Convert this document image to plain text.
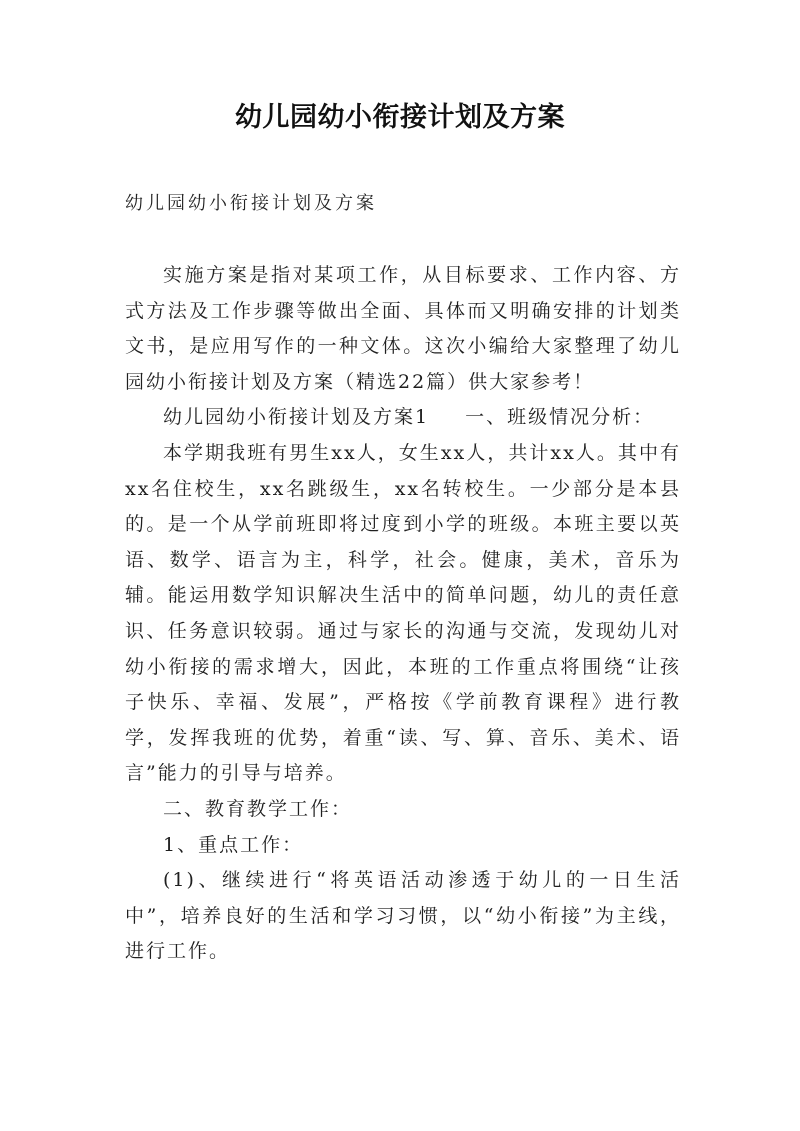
幼儿园幼小衔接计划及方案
幼儿园幼小衔接计划及方案

实施方案是指对某项工作，从目标要求、工作内容、方式方法及工作步骤等做出全面、具体而又明确安排的计划类文书，是应用写作的一种文体。这次小编给大家整理了幼儿园幼小衔接计划及方案（精选22篇）供大家参考！

幼儿园幼小衔接计划及方案1 一、班级情况分析：

本学期我班有男生xx人，女生xx人，共计xx人。其中有xx名住校生，xx名跳级生，xx名转校生。一少部分是本县的。是一个从学前班即将过度到小学的班级。本班主要以英语、数学、语言为主，科学，社会。健康，美术，音乐为辅。能运用数学知识解决生活中的简单问题，幼儿的责任意识、任务意识较弱。通过与家长的沟通与交流，发现幼儿对幼小衔接的需求增大，因此，本班的工作重点将围绕“让孩子快乐、幸福、发展”，严格按《学前教育课程》进行教学，发挥我班的优势，着重“读、写、算、音乐、美术、语言”能力的引导与培养。

二、教育教学工作：

1、重点工作：

(1)、继续进行“将英语活动渗透于幼儿的一日生活中”，培养良好的生活和学习习惯，以“幼小衔接”为主线，进行工作。
